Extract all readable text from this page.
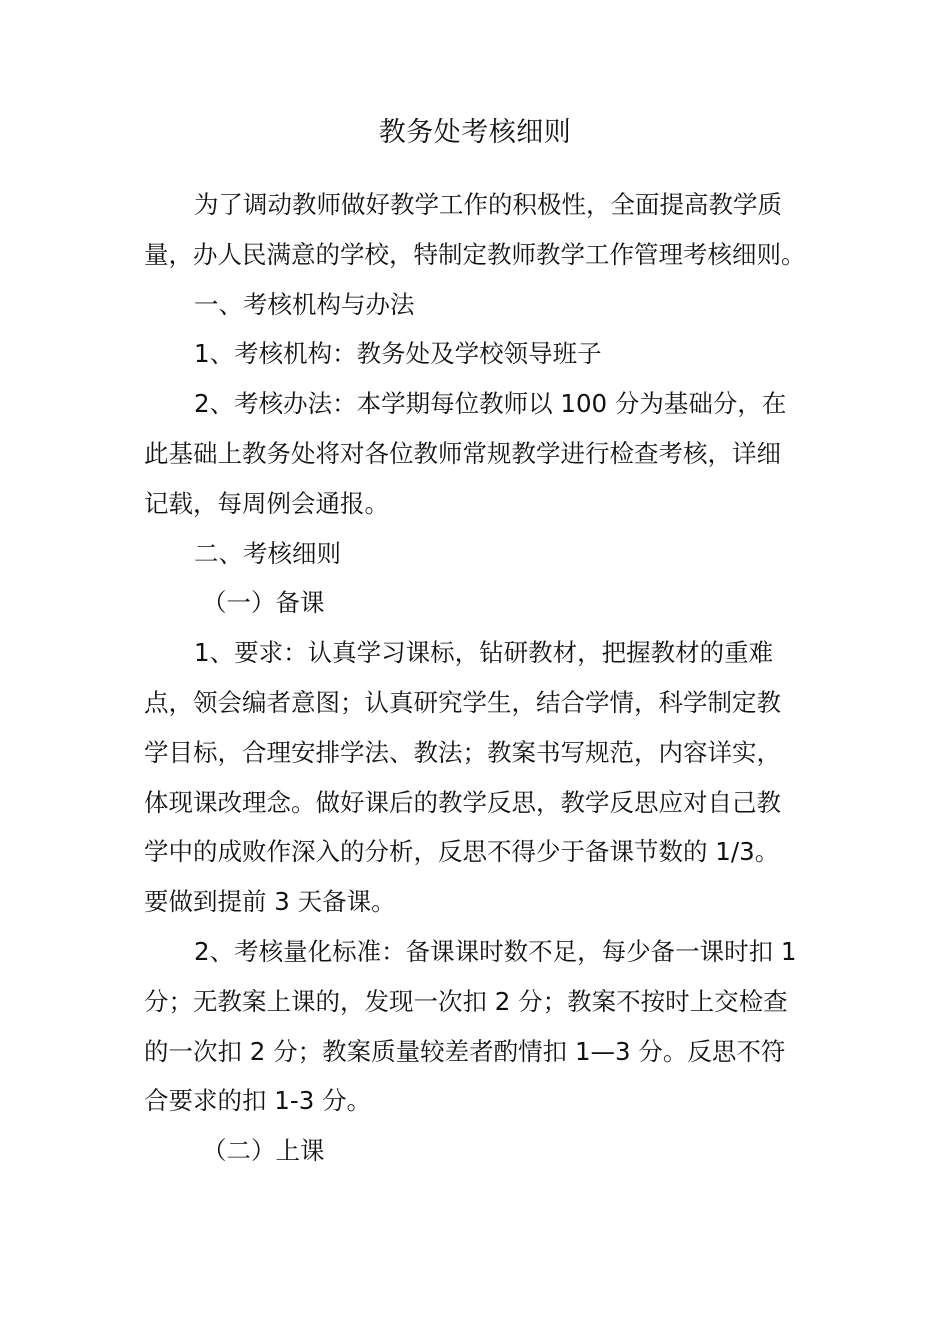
教务处考核细则
为了调动教师做好教学工作的积极性，全面提高教学质
量，办人民满意的学校，特制定教师教学工作管理考核细则。
一、考核机构与办法
1、考核机构：教务处及学校领导班子
2、考核办法：本学期每位教师以 100 分为基础分，在
此基础上教务处将对各位教师常规教学进行检查考核，详细
记载，每周例会通报。
二、考核细则
（一）备课
1、要求：认真学习课标，钻研教材，把握教材的重难
点，领会编者意图；认真研究学生，结合学情，科学制定教
学目标，合理安排学法、教法；教案书写规范，内容详实，
体现课改理念。做好课后的教学反思，教学反思应对自己教
学中的成败作深入的分析，反思不得少于备课节数的 1/3。
要做到提前 3 天备课。
2、考核量化标准：备课课时数不足，每少备一课时扣 1
分；无教案上课的，发现一次扣 2 分；教案不按时上交检查
的一次扣 2 分；教案质量较差者酌情扣 1—3 分。反思不符
合要求的扣 1-3 分。
（二）上课
